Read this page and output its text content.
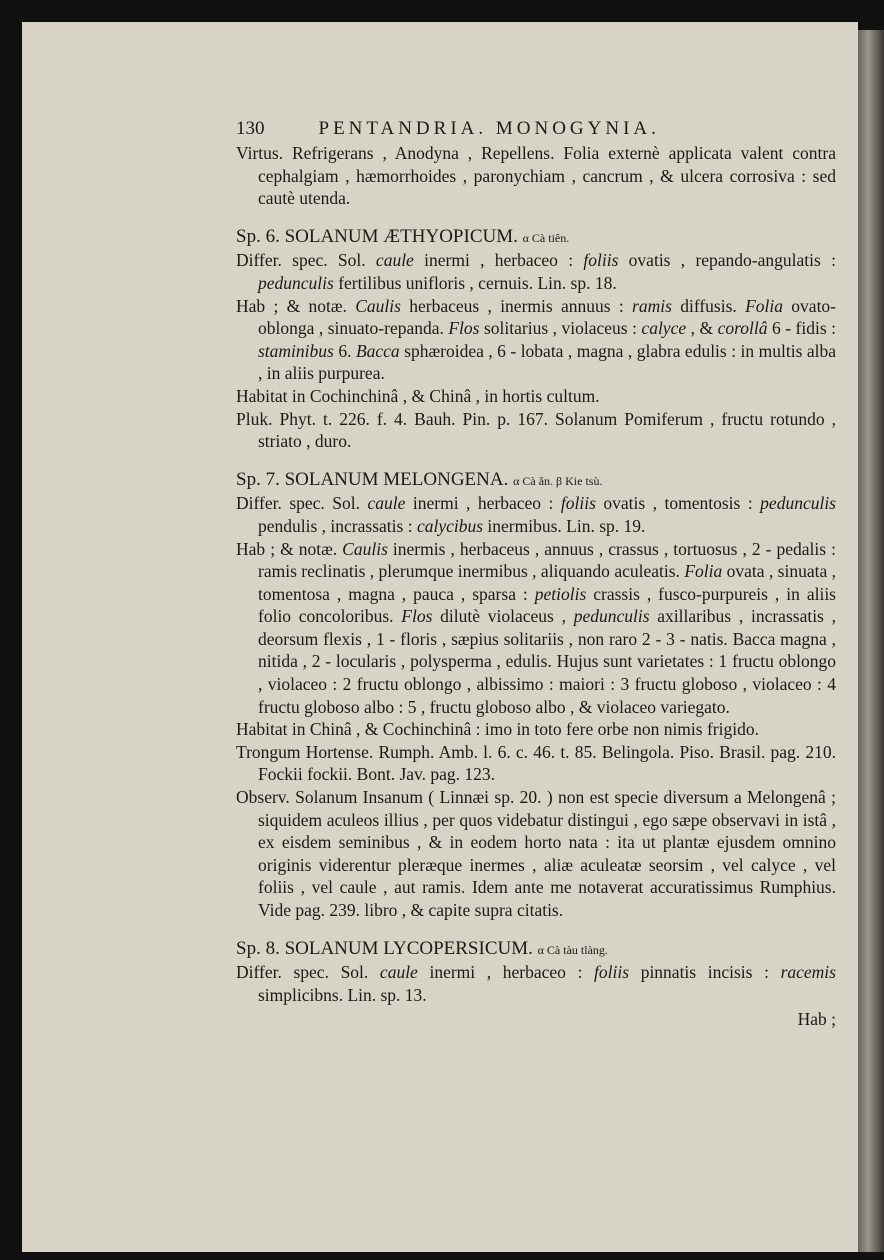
130	PENTANDRIA. MONOGYNIA.

Virtus. Refrigerans , Anodyna , Repellens. Folia externè applicata valent contra cephalgiam , hæmorrhoides , paronychiam , cancrum , & ulcera corrosiva : sed cautè utenda.

Sp. 6. SOLANUM ÆTHYOPICUM. α Cà tiên.

Differ. spec. Sol. caule inermi , herbaceo : foliis ovatis , repando-angulatis : pedunculis fertilibus unifloris , cernuis. Lin. sp. 18.

Hab ; & notæ. Caulis herbaceus , inermis annuus : ramis diffusis. Folia ovato-oblonga , sinuato-repanda. Flos solitarius , violaceus : calyce , & corollâ 6 - fidis : staminibus 6. Bacca sphæroidea , 6 - lobata , magna , glabra edulis : in multis alba , in aliis purpurea.

Habitat in Cochinchinâ , & Chinâ , in hortis cultum.

Pluk. Phyt. t. 226. f. 4. Bauh. Pin. p. 167. Solanum Pomiferum , fructu rotundo , striato , duro.

Sp. 7. SOLANUM MELONGENA. α Cà ăn. β Kie tsù.

Differ. spec. Sol. caule inermi , herbaceo : foliis ovatis , tomentosis : pedunculis pendulis , incrassatis : calycibus inermibus. Lin. sp. 19.

Hab ; & notæ. Caulis inermis , herbaceus , annuus , crassus , tortuosus , 2 - pedalis : ramis reclinatis , plerumque inermibus , aliquando aculeatis. Folia ovata , sinuata , tomentosa , magna , pauca , sparsa : petiolis crassis , fusco-purpureis , in aliis folio concoloribus. Flos dilutè violaceus , pedunculis axillaribus , incrassatis , deorsum flexis , 1 - floris , sæpius solitariis , non raro 2 - 3 - natis. Bacca magna , nitida , 2 - locularis , polysperma , edulis. Hujus sunt varietates : 1 fructu oblongo , violaceo : 2 fructu oblongo , albissimo : maiori : 3 fructu globoso , violaceo : 4 fructu globoso albo : 5 , fructu globoso albo , & violaceo variegato.

Habitat in Chinâ , & Cochinchinâ : imo in toto fere orbe non nimis frigido.

Trongum Hortense. Rumph. Amb. l. 6. c. 46. t. 85. Belingola. Piso. Brasil. pag. 210. Fockii fockii. Bont. Jav. pag. 123.

Observ. Solanum Insanum ( Linnæi sp. 20. ) non est specie diversum a Melongenâ ; siquidem aculeos illius , per quos videbatur distingui , ego sæpe observavi in istâ , ex eisdem seminibus , & in eodem horto nata : ita ut plantæ ejusdem omnino originis viderentur pleræque inermes , aliæ aculeatæ seorsim , vel calyce , vel foliis , vel caule , aut ramis. Idem ante me notaverat accuratissimus Rumphius. Vide pag. 239. libro , & capite supra citatis.

Sp. 8. SOLANUM LYCOPERSICUM. α Cà tàu tlàng.

Differ. spec. Sol. caule inermi , herbaceo : foliis pinnatis incisis : racemis simplicibns. Lin. sp. 13.

Hab ;
